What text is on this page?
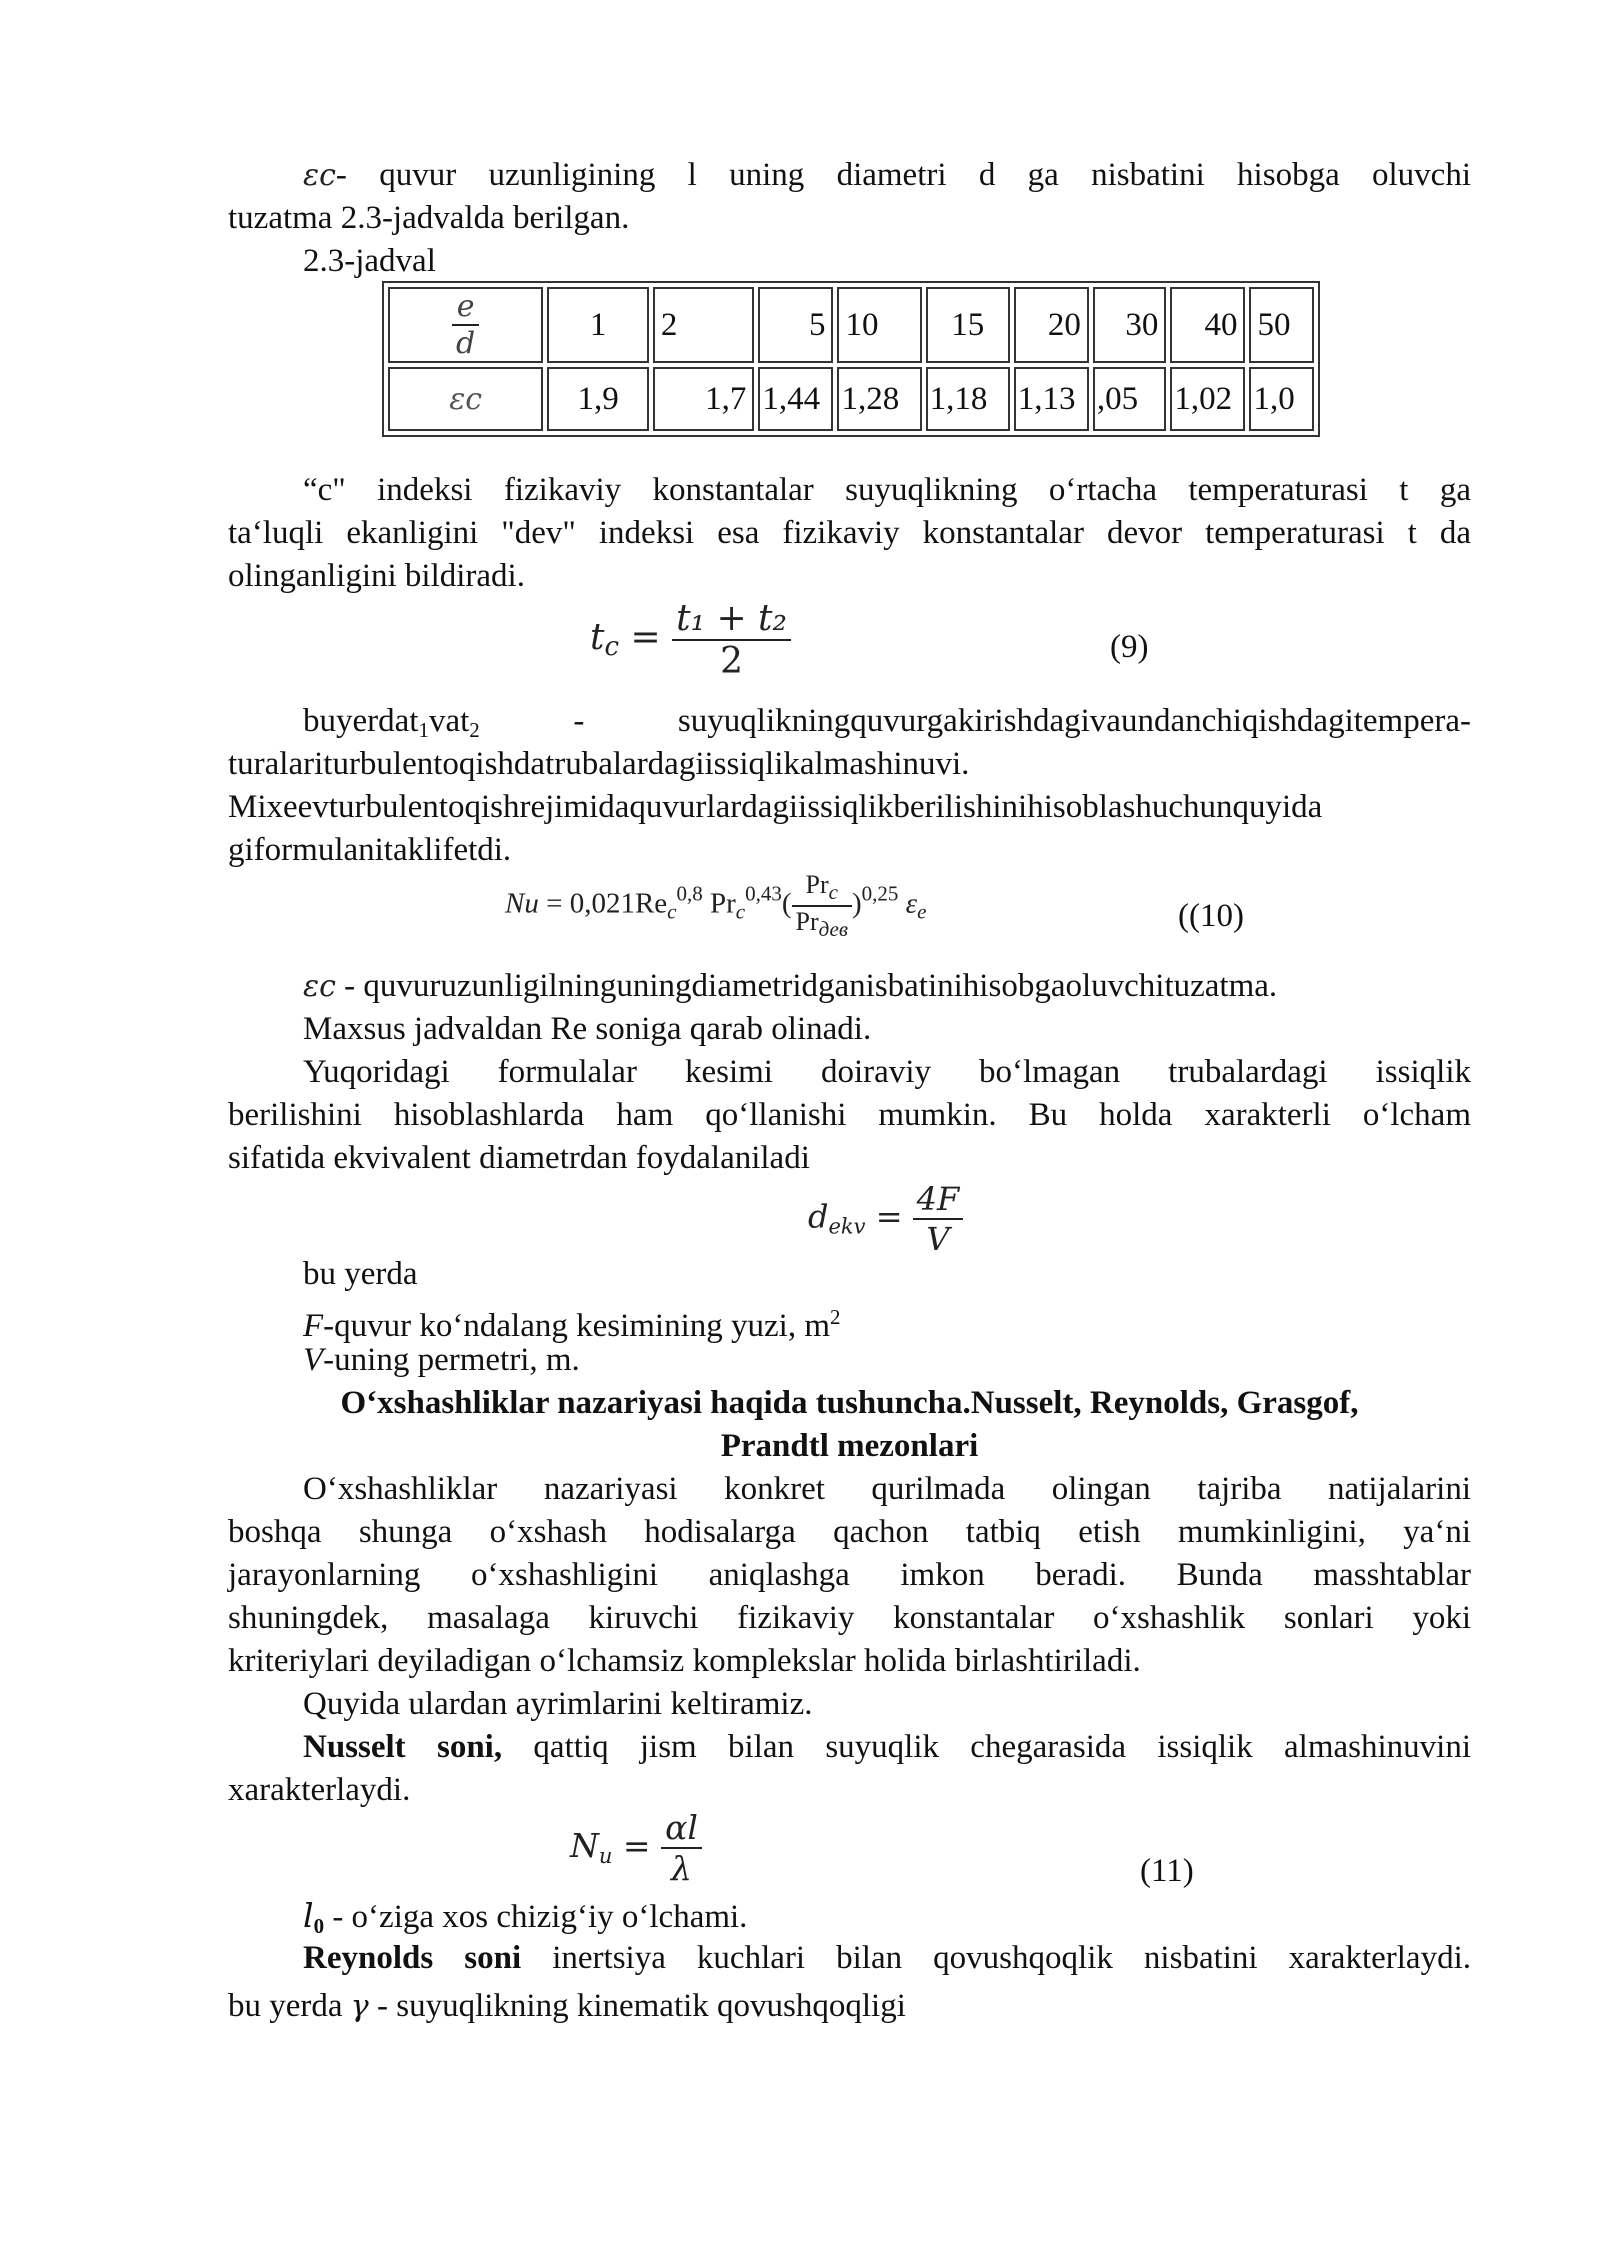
εc- quvur uzunligining l uning diametri d ga nisbatini hisobga oluvchi
tuzatma 2.3-jadvalda berilgan.
2.3-jadval
$\frac{e}{d}$	1	2	5	10	15	20	30	40	50
εc	1,9	1,7	1,44	1,28	1,18	1,13	,05	1,02	1,0
“c" indeksi fizikaviy konstantalar suyuqlikning o‘rtacha temperaturasi t ga
ta‘luqli ekanligini "dev" indeksi esa fizikaviy konstantalar devor temperaturasi t da
olinganligini bildiradi.
$t_c = \frac{\text{t₁ + t₂}}{2}$	(9)
buyerdat$_1$vat$_2$ - suyuqlikningquvurgakirishdagivaundanchiqishdagitempera-
turalariturbulentoqishdatrubalardagiissiqlikalmashinuvi.
Mixeevturbulentoqishrejimidaquvurlardagiissiqlikberilishinihisoblashuchunquyida
giformulanitaklifetdi.
$Nu = 0,021Re_c^{0,8}$ $Pr_c^{0,43}( \frac{Pr_c}{Pr_{дев}} )^{0,25}$ $\varepsilon_e$	((10)
εc - quvuruzunligilninguningdiametridganisbatinihisobgaoluvchituzatma.
Maxsus jadvaldan Re soniga qarab olinadi.
Yuqoridagi formulalar kesimi doiraviy bo‘lmagan trubalardagi issiqlik
berilishini hisoblashlarda ham qo‘llanishi mumkin. Bu holda xarakterli o‘lcham
sifatida ekvivalent diametrdan foydalaniladi
$d_{ekv} = \frac{4F}{V}$
bu yerda
F-quvur ko‘ndalang kesimining yuzi, $m^2$
V-uning permetri, m.
O‘xshashliklar nazariyasi haqida tushuncha.Nusselt, Reynolds, Grasgof,
Prandtl mezonlari
O‘xshashliklar nazariyasi konkret qurilmada olingan tajriba natijalarini
boshqa shunga o‘xshash hodisalarga qachon tatbiq etish mumkinligini, ya‘ni
jarayonlarning o‘xshashligini aniqlashga imkon beradi. Bunda masshtablar
shuningdek, masalaga kiruvchi fizikaviy konstantalar o‘xshashlik sonlari yoki
kriteriylari deyiladigan o‘lchamsiz komplekslar holida birlashtiriladi.
Quyida ulardan ayrimlarini keltiramiz.
Nusselt soni, qattiq jism bilan suyuqlik chegarasida issiqlik almashinuvini
xarakterlaydi.
$N_u = \frac{\alpha l}{\lambda}$	(11)
$l_0$ - o‘ziga xos chizig‘iy o‘lchami.
Reynolds soni inertsiya kuchlari bilan qovushqoqlik nisbatini xarakterlaydi.
bu yerda γ - suyuqlikning kinematik qovushqoqligi
